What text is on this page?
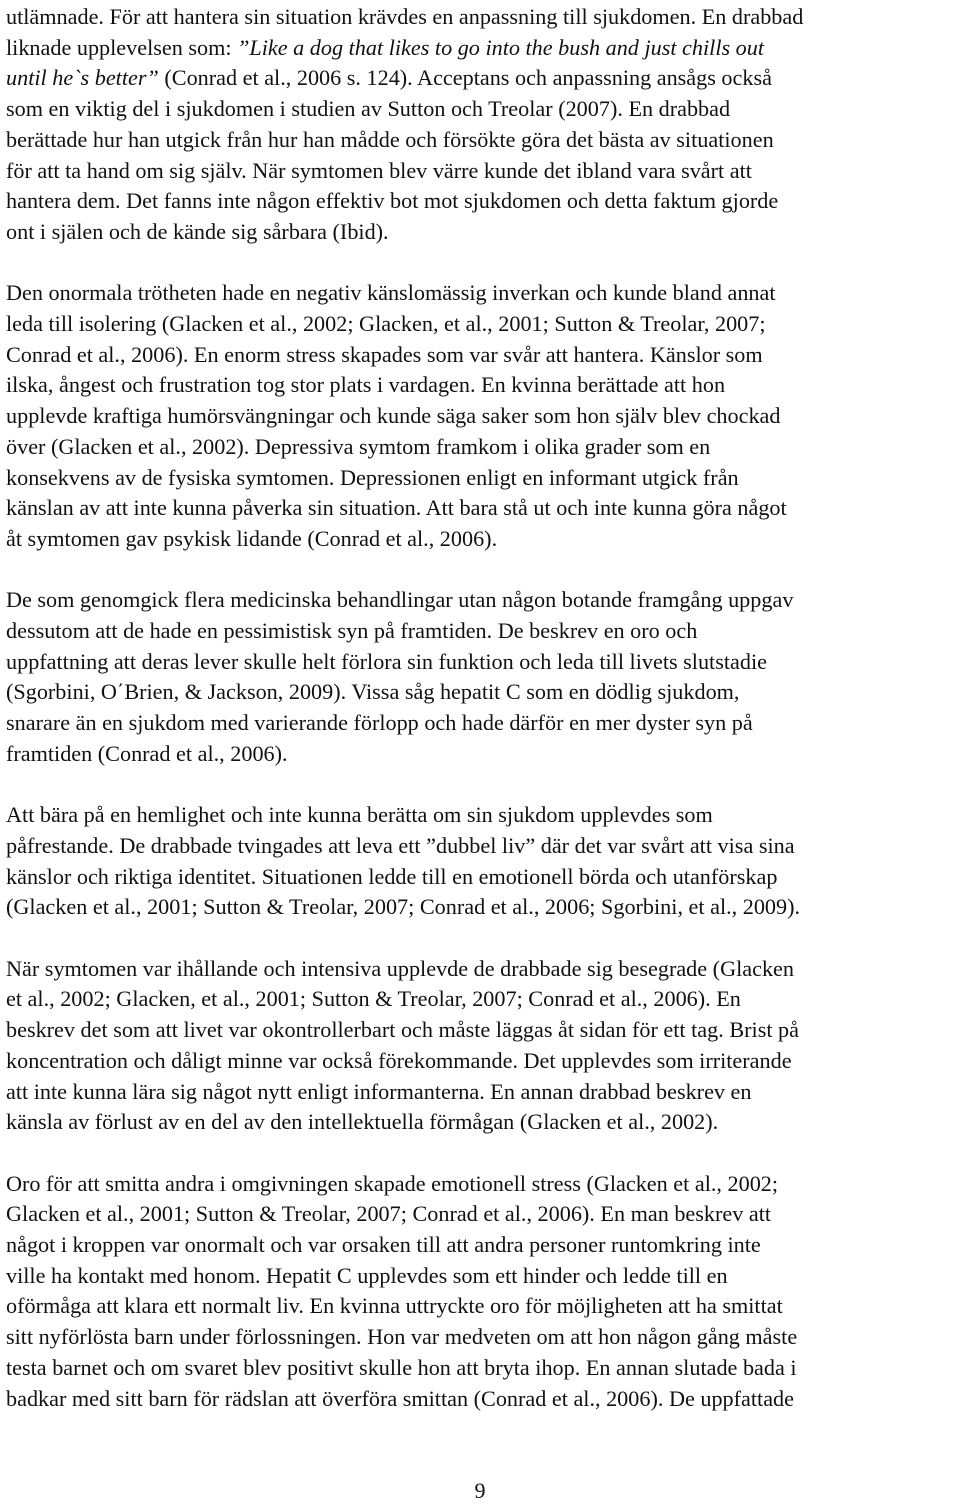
utlämnade. För att hantera sin situation krävdes en anpassning till sjukdomen. En drabbad
liknade upplevelsen som: ”Like a dog that likes to go into the bush and just chills out
until he`s better” (Conrad et al., 2006 s. 124). Acceptans och anpassning ansågs också
som en viktig del i sjukdomen i studien av Sutton och Treolar (2007). En drabbad
berättade hur han utgick från hur han mådde och försökte göra det bästa av situationen
för att ta hand om sig själv. När symtomen blev värre kunde det ibland vara svårt att
hantera dem. Det fanns inte någon effektiv bot mot sjukdomen och detta faktum gjorde
ont i själen och de kände sig sårbara (Ibid).
Den onormala trötheten hade en negativ känslomässig inverkan och kunde bland annat
leda till isolering (Glacken et al., 2002; Glacken, et al., 2001; Sutton & Treolar, 2007;
Conrad et al., 2006). En enorm stress skapades som var svår att hantera. Känslor som
ilska, ångest och frustration tog stor plats i vardagen. En kvinna berättade att hon
upplevde kraftiga humörsvängningar och kunde säga saker som hon själv blev chockad
över (Glacken et al., 2002). Depressiva symtom framkom i olika grader som en
konsekvens av de fysiska symtomen. Depressionen enligt en informant utgick från
känslan av att inte kunna påverka sin situation. Att bara stå ut och inte kunna göra något
åt symtomen gav psykisk lidande (Conrad et al., 2006).
De som genomgick flera medicinska behandlingar utan någon botande framgång uppgav
dessutom att de hade en pessimistisk syn på framtiden. De beskrev en oro och
uppfattning att deras lever skulle helt förlora sin funktion och leda till livets slutstadie
(Sgorbini, O΄Brien, & Jackson, 2009). Vissa såg hepatit C som en dödlig sjukdom,
snarare än en sjukdom med varierande förlopp och hade därför en mer dyster syn på
framtiden (Conrad et al., 2006).
Att bära på en hemlighet och inte kunna berätta om sin sjukdom upplevdes som
påfrestande. De drabbade tvingades att leva ett ”dubbel liv” där det var svårt att visa sina
känslor och riktiga identitet. Situationen ledde till en emotionell börda och utanförskap
(Glacken et al., 2001; Sutton & Treolar, 2007; Conrad et al., 2006; Sgorbini, et al., 2009).
När symtomen var ihållande och intensiva upplevde de drabbade sig besegrade (Glacken
et al., 2002; Glacken, et al., 2001; Sutton & Treolar, 2007; Conrad et al., 2006). En
beskrev det som att livet var okontrollerbart och måste läggas åt sidan för ett tag. Brist på
koncentration och dåligt minne var också förekommande. Det upplevdes som irriterande
att inte kunna lära sig något nytt enligt informanterna. En annan drabbad beskrev en
känsla av förlust av en del av den intellektuella förmågan (Glacken et al., 2002).
Oro för att smitta andra i omgivningen skapade emotionell stress (Glacken et al., 2002;
Glacken et al., 2001; Sutton & Treolar, 2007; Conrad et al., 2006). En man beskrev att
något i kroppen var onormalt och var orsaken till att andra personer runtomkring inte
ville ha kontakt med honom. Hepatit C upplevdes som ett hinder och ledde till en
oförmåga att klara ett normalt liv. En kvinna uttryckte oro för möjligheten att ha smittat
sitt nyförlösta barn under förlossningen. Hon var medveten om att hon någon gång måste
testa barnet och om svaret blev positivt skulle hon att bryta ihop. En annan slutade bada i
badkar med sitt barn för rädslan att överföra smittan (Conrad et al., 2006). De uppfattade
9
